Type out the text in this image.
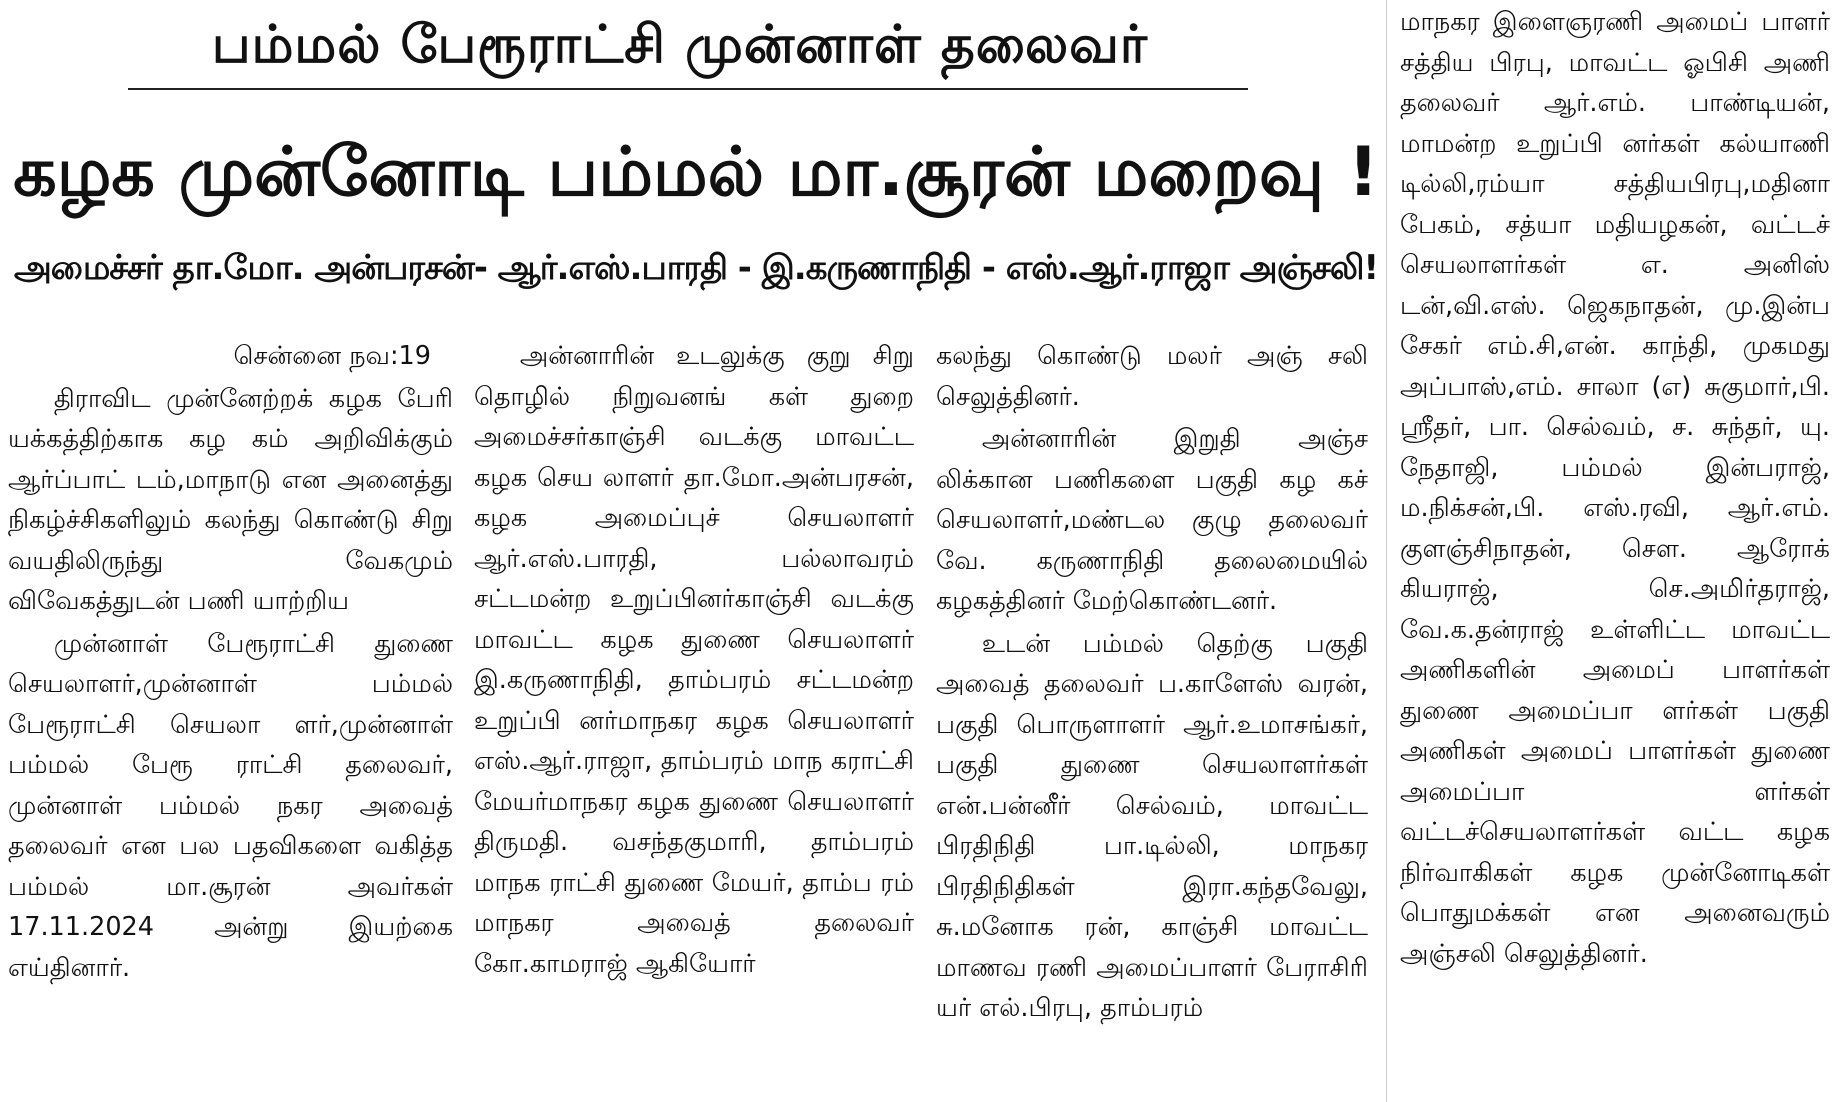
பம்மல் பேரூராட்சி முன்னாள் தலைவர்
கழக முன்னோடி பம்மல் மா.சூரன் மறைவு !
அமைச்சர் தா.மோ. அன்பரசன்- ஆர்.எஸ்.பாரதி - இ.கருணாநிதி - எஸ்.ஆர்.ராஜா அஞ்சலி!

சென்னை நவ:19

திராவிட முன்னேற்றக் கழக பேரி யக்கத்திற்காக கழ கம் அறிவிக்கும் ஆர்ப்பாட் டம்,மாநாடு என அனைத்து நிகழ்ச்சிகளிலும் கலந்து கொண்டு சிறு வயதிலிருந்து வேகமும் விவேகத்துடன் பணி யாற்றிய

முன்னாள் பேரூராட்சி துணை செயலாளர்,முன்னாள் பம்மல் பேரூராட்சி செயலா ளர்,முன்னாள் பம்மல் பேரூ ராட்சி தலைவர், முன்னாள் பம்மல் நகர அவைத் தலைவர் என பல பதவிகளை வகித்த பம்மல் மா.சூரன் அவர்கள் 17.11.2024 அன்று இயற்கை எய்தினார்.

அன்னாரின் உடலுக்கு குறு சிறு தொழில் நிறுவனங் கள் துறை அமைச்சர்காஞ்சி வடக்கு மாவட்ட கழக செய லாளர் தா.மோ.அன்பரசன், கழக அமைப்புச் செயலாளர் ஆர்.எஸ்.பாரதி, பல்லாவரம் சட்டமன்ற உறுப்பினர்காஞ்சி வடக்கு மாவட்ட கழக துணை செயலாளர் இ.கருணாநிதி, தாம்பரம் சட்டமன்ற உறுப்பி னர்மாநகர கழக செயலாளர் எஸ்.ஆர்.ராஜா, தாம்பரம் மாந கராட்சி மேயர்மாநகர கழக துணை செயலாளர் திருமதி. வசந்தகுமாரி, தாம்பரம் மாநக ராட்சி துணை மேயர், தாம்ப ரம் மாநகர அவைத் தலைவர் கோ.காமராஜ் ஆகியோர்

கலந்து கொண்டு மலர் அஞ் சலி செலுத்தினர்.

அன்னாரின் இறுதி அஞ்ச லிக்கான பணிகளை பகுதி கழ கச் செயலாளர்,மண்டல குழு தலைவர் வே. கருணாநிதி தலைமையில் கழகத்தினர் மேற்கொண்டனர்.

உடன் பம்மல் தெற்கு பகுதி அவைத் தலைவர் ப.காளேஸ் வரன், பகுதி பொருளாளர் ஆர்.உமாசங்கர், பகுதி துணை செயலாளர்கள் என்.பன்னீர் செல்வம், மாவட்ட பிரதிநிதி பா.டில்லி, மாநகர பிரதிநிதிகள் இரா.கந்தவேலு, சு.மனோக ரன், காஞ்சி மாவட்ட மாணவ ரணி அமைப்பாளர் பேராசிரி யர் எல்.பிரபு, தாம்பரம்

மாநகர இளைஞரணி அமைப் பாளர் சத்திய பிரபு, மாவட்ட ஓபிசி அணி தலைவர் ஆர்.எம். பாண்டியன், மாமன்ற உறுப்பி னர்கள் கல்யாணி டில்லி,ரம்யா சத்தியபிரபு,மதினா பேகம், சத்யா மதியழகன், வட்டச் செயலாளர்கள் எ. அனிஸ் டன்,வி.எஸ். ஜெகநாதன், மு.இன்ப சேகர் எம்.சி,என். காந்தி, முகமது அப்பாஸ்,எம். சாலா (எ) சுகுமார்,பி. ஸ்ரீதர், பா. செல்வம், ச. சுந்தர், யு. நேதாஜி, பம்மல் இன்பராஜ், ம.நிக்சன்,பி. எஸ்.ரவி, ஆர்.எம். குளஞ்சிநாதன், சௌ. ஆரோக் கியராஜ், செ.அமிர்தராஜ், வே.க.தன்ராஜ் உள்ளிட்ட மாவட்ட அணிகளின் அமைப் பாளர்கள் துணை அமைப்பா ளர்கள் பகுதி அணிகள் அமைப் பாளர்கள் துணை அமைப்பா ளர்கள் வட்டச்செயலாளர்கள் வட்ட கழக நிர்வாகிகள் கழக முன்னோடிகள் பொதுமக்கள் என அனைவரும் அஞ்சலி செலுத்தினர்.
